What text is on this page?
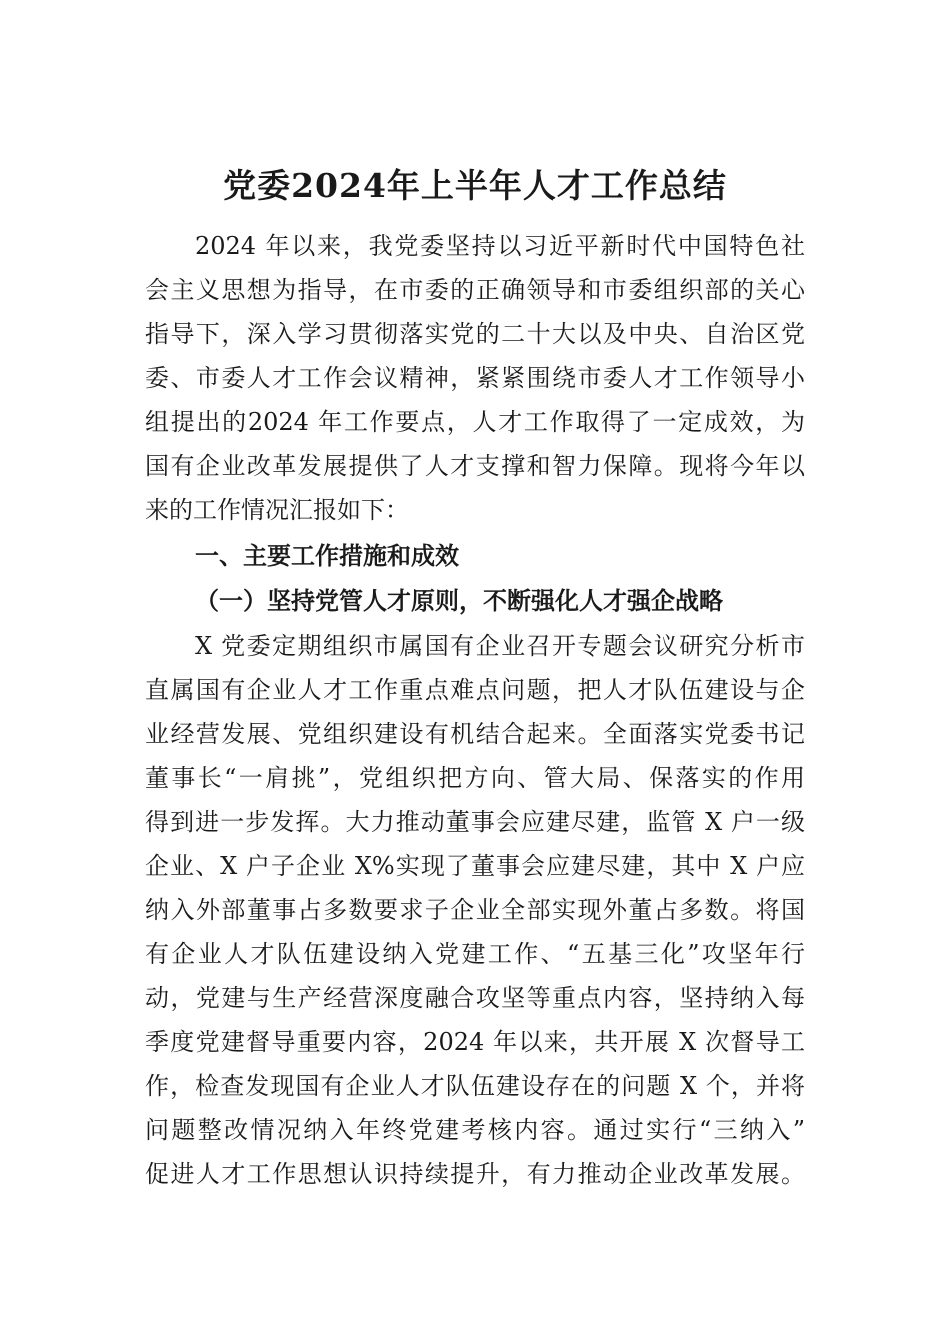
党委2024年上半年人才工作总结

2024 年以来，我党委坚持以习近平新时代中国特色社

会主义思想为指导，在市委的正确领导和市委组织部的关心

指导下，深入学习贯彻落实党的二十大以及中央、自治区党

委、市委人才工作会议精神，紧紧围绕市委人才工作领导小

组提出的2024 年工作要点，人才工作取得了一定成效，为

国有企业改革发展提供了人才支撑和智力保障。现将今年以

来的工作情况汇报如下：

一、主要工作措施和成效
（一）坚持党管人才原则，不断强化人才强企战略

X 党委定期组织市属国有企业召开专题会议研究分析市

直属国有企业人才工作重点难点问题，把人才队伍建设与企

业经营发展、党组织建设有机结合起来。全面落实党委书记

董事长“一肩挑”，党组织把方向、管大局、保落实的作用

得到进一步发挥。大力推动董事会应建尽建，监管 X 户一级

企业、X 户子企业 X%实现了董事会应建尽建，其中 X 户应

纳入外部董事占多数要求子企业全部实现外董占多数。将国

有企业人才队伍建设纳入党建工作、“五基三化”攻坚年行

动，党建与生产经营深度融合攻坚等重点内容，坚持纳入每

季度党建督导重要内容，2024 年以来，共开展 X 次督导工

作，检查发现国有企业人才队伍建设存在的问题 X 个，并将

问题整改情况纳入年终党建考核内容。通过实行“三纳入”

促进人才工作思想认识持续提升，有力推动企业改革发展。
